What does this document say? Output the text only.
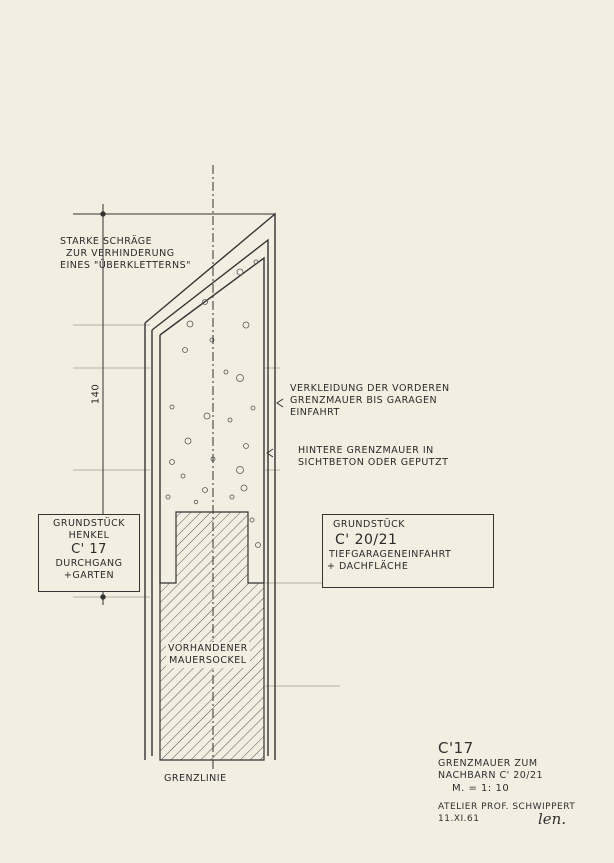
STARKE SCHRÄGE
ZUR VERHINDERUNG
EINES "ÜBERKLETTERNS"
140	VERKLEIDUNG DER VORDEREN
GRENZMAUER BIS GARAGEN
EINFAHRT
HINTERE GRENZMAUER IN
SICHTBETON ODER GEPUTZT
VORHANDENER
MAUERSOCKEL
GRENZLINIE
GRUNDSTÜCK
HENKEL
C' 17
DURCHGANG
+GARTEN
GRUNDSTÜCK
C' 20/21
TIEFGARAGENEINFAHRT
+ DACHFLÄCHE
C'17
GRENZMAUER ZUM
NACHBARN C' 20/21
M. = 1: 10
ATELIER PROF. SCHWIPPERT
11.XI.61	len.
